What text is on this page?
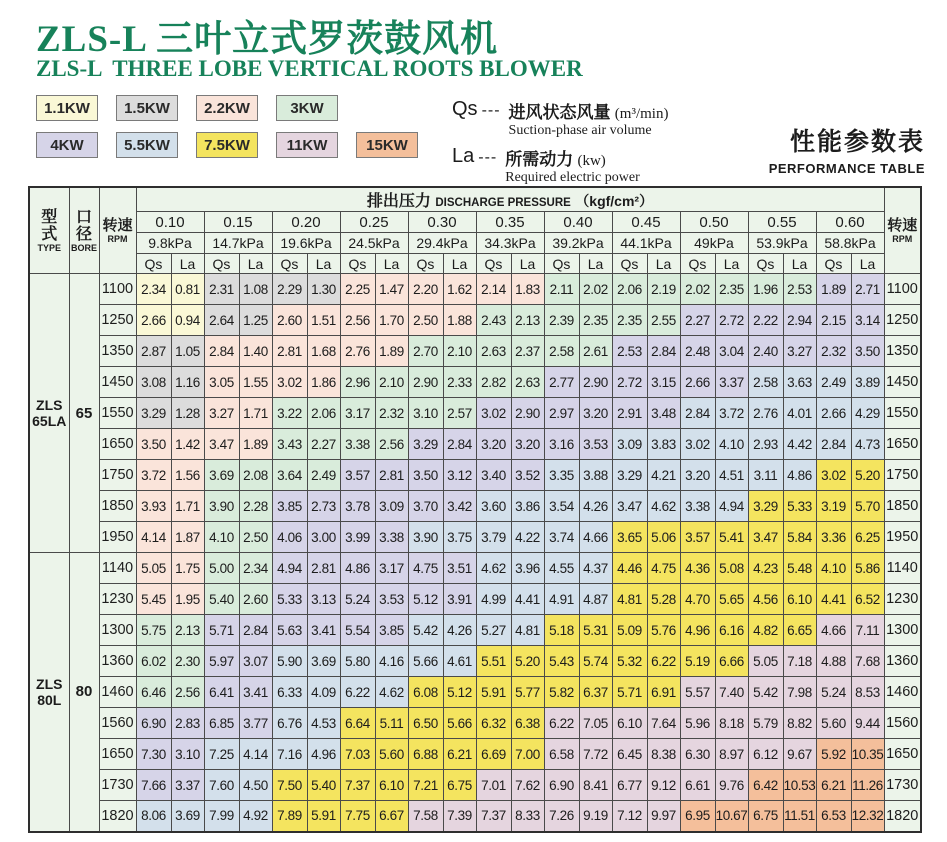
ZLS-L 三叶立式罗茨鼓风机
ZLS-L  THREE LOBE VERTICAL ROOTS BLOWER
1.1KW	1.5KW	2.2KW	3KW
4KW	5.5KW	7.5KW	11KW	15KW
Qs --- 进风状态风量 (m³/min)
Suction-phase air volume
La --- 所需动力 (kw)
Required electric power
性能参数表
PERFORMANCE TABLE
型
式
TYPE

口
径
BORE

转速
RPM
	排出压力 DISCHARGE PRESSURE （kgf/cm²）	
转速
RPM

			0.10		0.15		0.20		0.25		0.30		0.35		0.40		0.45		0.50		0.55		0.60		
			9.8kPa		14.7kPa		19.6kPa		24.5kPa		29.4kPa		34.3kPa		39.2kPa		44.1kPa		49kPa		53.9kPa		58.8kPa		
			Qs	La	Qs	La	Qs	La	Qs	La	Qs	La	Qs	La	Qs	La	Qs	La	Qs	La	Qs	La	Qs	La	

ZLS
65LA	65	1100	2.34	0.81	2.31	1.08	2.29	1.30	2.25	1.47	2.20	1.62	2.14	1.83	2.11	2.02	2.06	2.19	2.02	2.35	1.96	2.53	1.89	2.71	1100
		1250	2.66	0.94	2.64	1.25	2.60	1.51	2.56	1.70	2.50	1.88	2.43	2.13	2.39	2.35	2.35	2.55	2.27	2.72	2.22	2.94	2.15	3.14	1250
		1350	2.87	1.05	2.84	1.40	2.81	1.68	2.76	1.89	2.70	2.10	2.63	2.37	2.58	2.61	2.53	2.84	2.48	3.04	2.40	3.27	2.32	3.50	1350
		1450	3.08	1.16	3.05	1.55	3.02	1.86	2.96	2.10	2.90	2.33	2.82	2.63	2.77	2.90	2.72	3.15	2.66	3.37	2.58	3.63	2.49	3.89	1450
		1550	3.29	1.28	3.27	1.71	3.22	2.06	3.17	2.32	3.10	2.57	3.02	2.90	2.97	3.20	2.91	3.48	2.84	3.72	2.76	4.01	2.66	4.29	1550
		1650	3.50	1.42	3.47	1.89	3.43	2.27	3.38	2.56	3.29	2.84	3.20	3.20	3.16	3.53	3.09	3.83	3.02	4.10	2.93	4.42	2.84	4.73	1650
		1750	3.72	1.56	3.69	2.08	3.64	2.49	3.57	2.81	3.50	3.12	3.40	3.52	3.35	3.88	3.29	4.21	3.20	4.51	3.11	4.86	3.02	5.20	1750
		1850	3.93	1.71	3.90	2.28	3.85	2.73	3.78	3.09	3.70	3.42	3.60	3.86	3.54	4.26	3.47	4.62	3.38	4.94	3.29	5.33	3.19	5.70	1850
		1950	4.14	1.87	4.10	2.50	4.06	3.00	3.99	3.38	3.90	3.75	3.79	4.22	3.74	4.66	3.65	5.06	3.57	5.41	3.47	5.84	3.36	6.25	1950

ZLS
80L	80	1140	5.05	1.75	5.00	2.34	4.94	2.81	4.86	3.17	4.75	3.51	4.62	3.96	4.55	4.37	4.46	4.75	4.36	5.08	4.23	5.48	4.10	5.86	1140
		1230	5.45	1.95	5.40	2.60	5.33	3.13	5.24	3.53	5.12	3.91	4.99	4.41	4.91	4.87	4.81	5.28	4.70	5.65	4.56	6.10	4.41	6.52	1230
		1300	5.75	2.13	5.71	2.84	5.63	3.41	5.54	3.85	5.42	4.26	5.27	4.81	5.18	5.31	5.09	5.76	4.96	6.16	4.82	6.65	4.66	7.11	1300
		1360	6.02	2.30	5.97	3.07	5.90	3.69	5.80	4.16	5.66	4.61	5.51	5.20	5.43	5.74	5.32	6.22	5.19	6.66	5.05	7.18	4.88	7.68	1360
		1460	6.46	2.56	6.41	3.41	6.33	4.09	6.22	4.62	6.08	5.12	5.91	5.77	5.82	6.37	5.71	6.91	5.57	7.40	5.42	7.98	5.24	8.53	1460
		1560	6.90	2.83	6.85	3.77	6.76	4.53	6.64	5.11	6.50	5.66	6.32	6.38	6.22	7.05	6.10	7.64	5.96	8.18	5.79	8.82	5.60	9.44	1560
		1650	7.30	3.10	7.25	4.14	7.16	4.96	7.03	5.60	6.88	6.21	6.69	7.00	6.58	7.72	6.45	8.38	6.30	8.97	6.12	9.67	5.92	10.35	1650
		1730	7.66	3.37	7.60	4.50	7.50	5.40	7.37	6.10	7.21	6.75	7.01	7.62	6.90	8.41	6.77	9.12	6.61	9.76	6.42	10.53	6.21	11.26	1730
		1820	8.06	3.69	7.99	4.92	7.89	5.91	7.75	6.67	7.58	7.39	7.37	8.33	7.26	9.19	7.12	9.97	6.95	10.67	6.75	11.51	6.53	12.32	1820
